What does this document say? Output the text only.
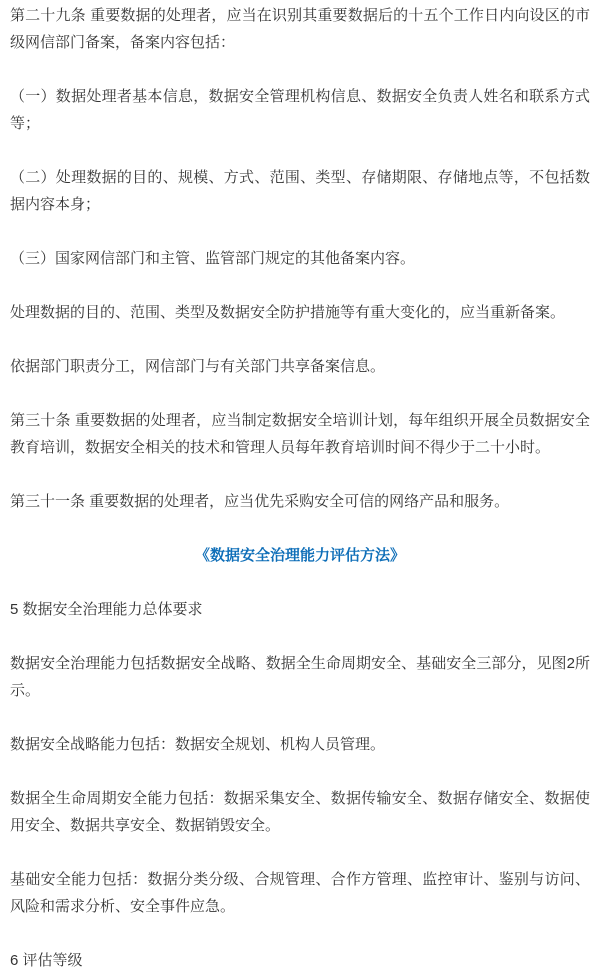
第二十九条 重要数据的处理者，应当在识别其重要数据后的十五个工作日内向设区的市级网信部门备案，备案内容包括：

（一）数据处理者基本信息，数据安全管理机构信息、数据安全负责人姓名和联系方式等；

（二）处理数据的目的、规模、方式、范围、类型、存储期限、存储地点等，不包括数据内容本身；

（三）国家网信部门和主管、监管部门规定的其他备案内容。

处理数据的目的、范围、类型及数据安全防护措施等有重大变化的，应当重新备案。

依据部门职责分工，网信部门与有关部门共享备案信息。

第三十条 重要数据的处理者，应当制定数据安全培训计划，每年组织开展全员数据安全教育培训，数据安全相关的技术和管理人员每年教育培训时间不得少于二十小时。

第三十一条 重要数据的处理者，应当优先采购安全可信的网络产品和服务。

《数据安全治理能力评估方法》

5 数据安全治理能力总体要求

数据安全治理能力包括数据安全战略、数据全生命周期安全、基础安全三部分，见图2所示。

数据安全战略能力包括：数据安全规划、机构人员管理。

数据全生命周期安全能力包括：数据采集安全、数据传输安全、数据存储安全、数据使用安全、数据共享安全、数据销毁安全。

基础安全能力包括：数据分类分级、合规管理、合作方管理、监控审计、鉴别与访问、风险和需求分析、安全事件应急。

6 评估等级
